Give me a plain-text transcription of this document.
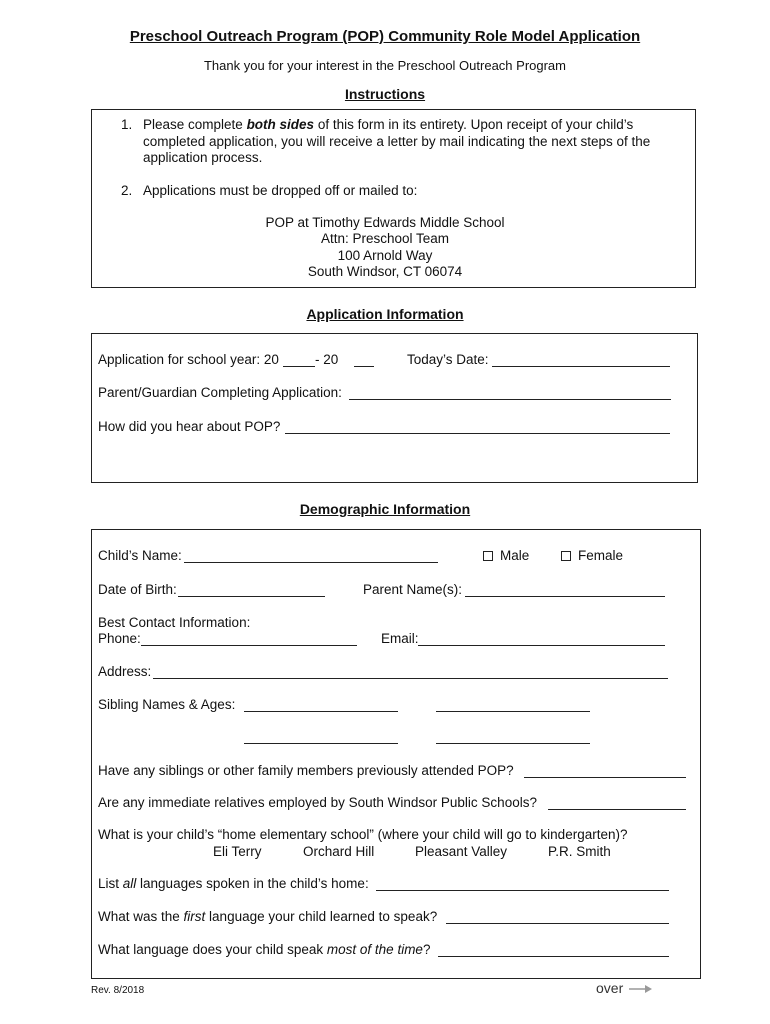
Preschool Outreach Program (POP) Community Role Model Application
Thank you for your interest in the Preschool Outreach Program
Instructions
1. Please complete both sides of this form in its entirety. Upon receipt of your child’s
completed application, you will receive a letter by mail indicating the next steps of the
application process.
2. Applications must be dropped off or mailed to:
POP at Timothy Edwards Middle School
Attn: Preschool Team
100 Arnold Way
South Windsor, CT 06074
Application Information
Application for school year: 20	- 20	Today’s Date:
Parent/Guardian Completing Application:
How did you hear about POP?
Demographic Information
Child’s Name:	Male	Female
Date of Birth:	Parent Name(s):
Best Contact Information:
Phone:	Email:
Address:
Sibling Names & Ages:
Have any siblings or other family members previously attended POP?
Are any immediate relatives employed by South Windsor Public Schools?
What is your child’s “home elementary school” (where your child will go to kindergarten)?
Eli Terry	Orchard Hill	Pleasant Valley	P.R. Smith
List all languages spoken in the child’s home:
What was the first language your child learned to speak?
What language does your child speak most of the time?
Rev. 8/2018	over
